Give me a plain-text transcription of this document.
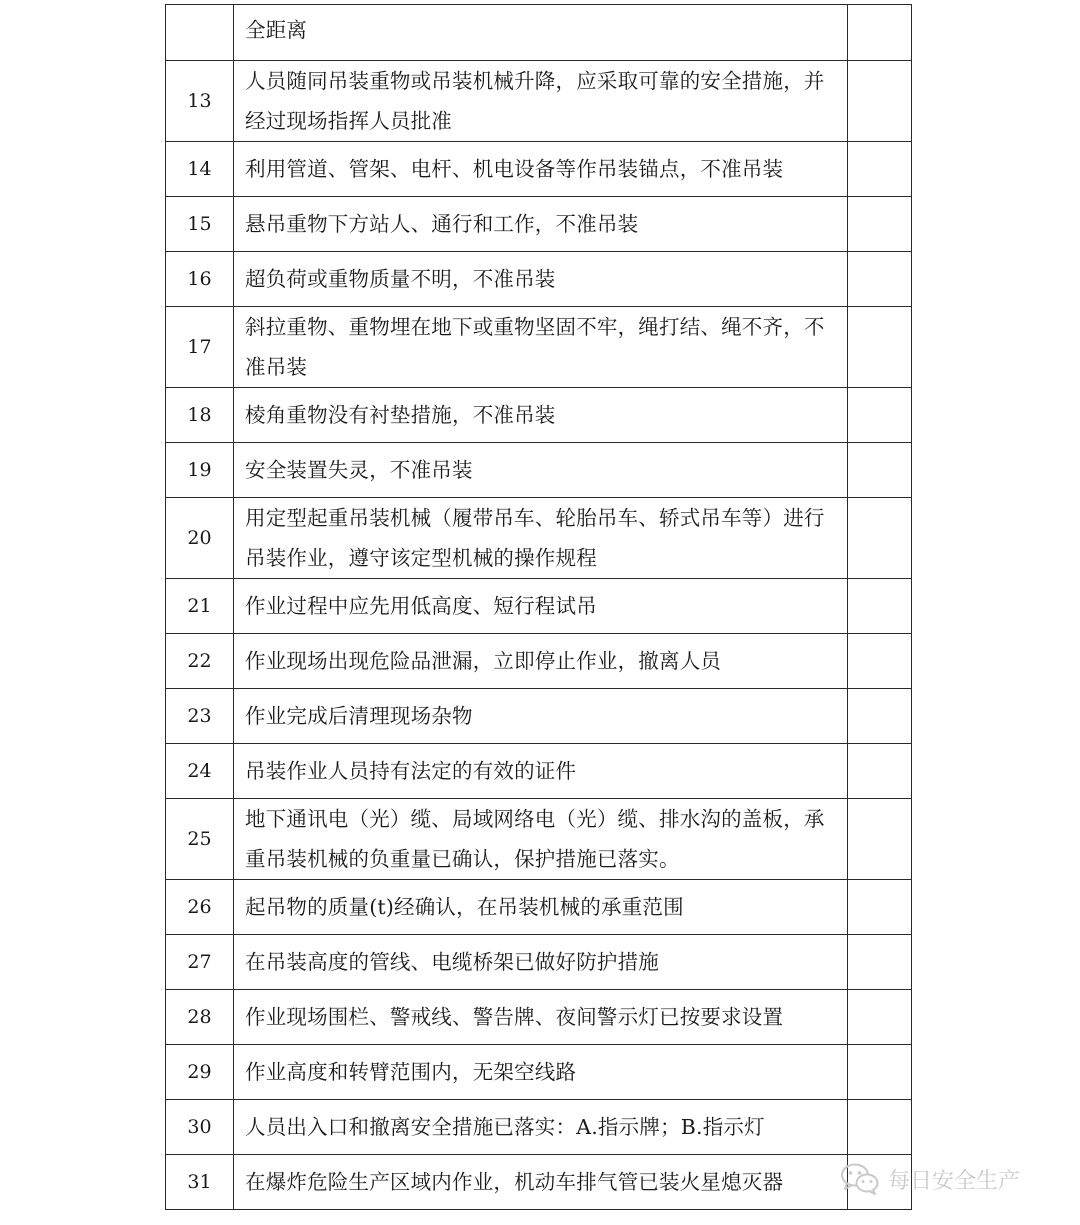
	全距离	
13	人员随同吊装重物或吊装机械升降，应采取可靠的安全措施，并经过现场指挥人员批准	
14	利用管道、管架、电杆、机电设备等作吊装锚点，不准吊装	
15	悬吊重物下方站人、通行和工作，不准吊装	
16	超负荷或重物质量不明，不准吊装	
17	斜拉重物、重物埋在地下或重物坚固不牢，绳打结、绳不齐，不准吊装	
18	棱角重物没有衬垫措施，不准吊装	
19	安全装置失灵，不准吊装	
20	用定型起重吊装机械（履带吊车、轮胎吊车、轿式吊车等）进行吊装作业，遵守该定型机械的操作规程	
21	作业过程中应先用低高度、短行程试吊	
22	作业现场出现危险品泄漏，立即停止作业，撤离人员	
23	作业完成后清理现场杂物	
24	吊装作业人员持有法定的有效的证件	
25	地下通讯电（光）缆、局域网络电（光）缆、排水沟的盖板，承重吊装机械的负重量已确认，保护措施已落实。	
26	起吊物的质量(t)经确认，在吊装机械的承重范围	
27	在吊装高度的管线、电缆桥架已做好防护措施	
28	作业现场围栏、警戒线、警告牌、夜间警示灯已按要求设置	
29	作业高度和转臂范围内，无架空线路	
30	人员出入口和撤离安全措施已落实：A.指示牌；B.指示灯	
31	在爆炸危险生产区域内作业，机动车排气管已装火星熄灭器		每日安全生产
